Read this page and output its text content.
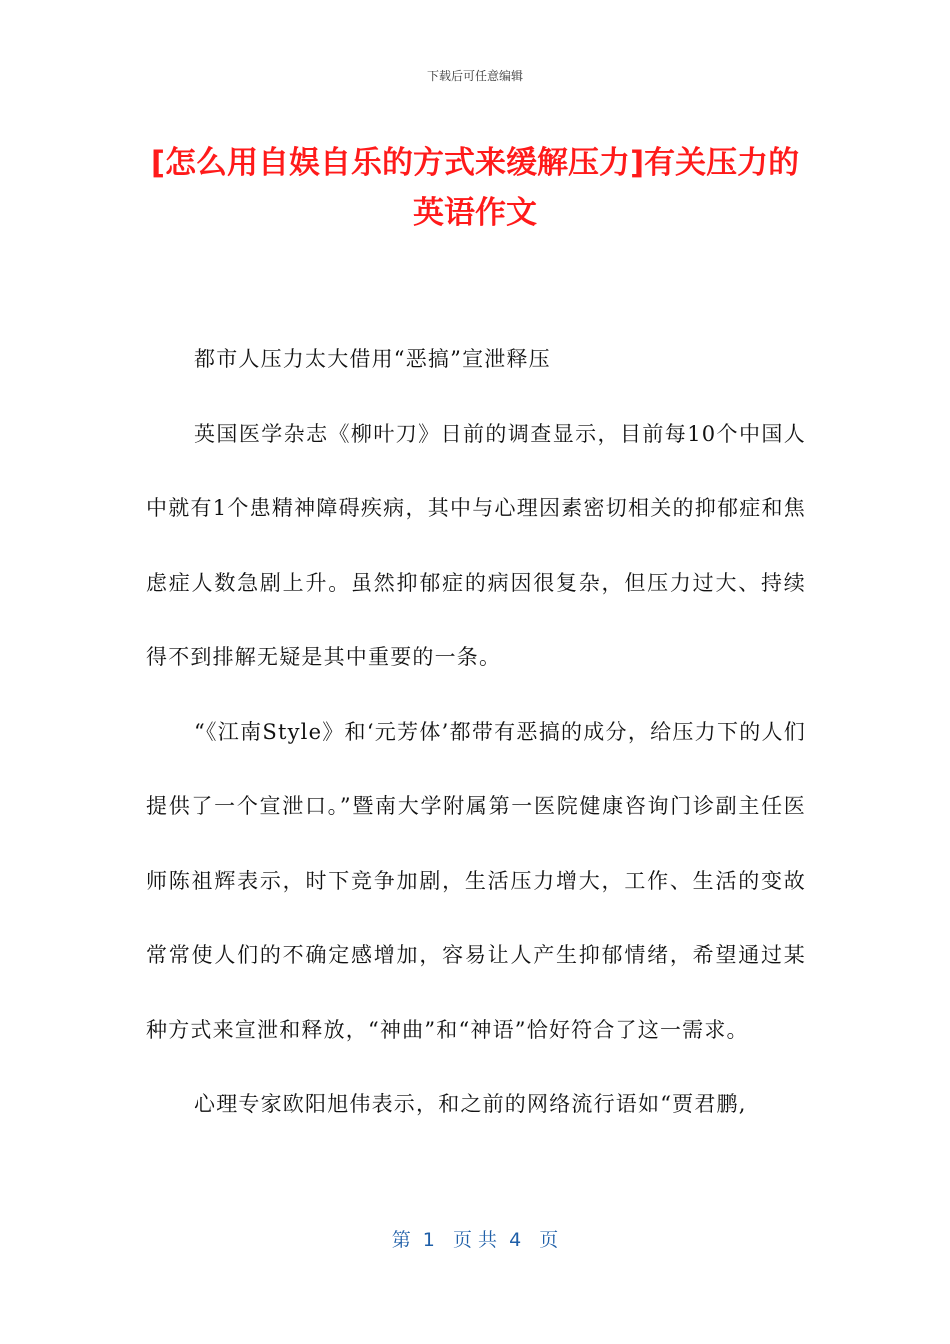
下载后可任意编辑
[怎么用自娱自乐的方式来缓解压力]有关压力的英语作文

都市人压力太大借用“恶搞”宣泄释压

英国医学杂志《柳叶刀》日前的调查显示，目前每10个中国人中就有1个患精神障碍疾病，其中与心理因素密切相关的抑郁症和焦虑症人数急剧上升。虽然抑郁症的病因很复杂，但压力过大、持续得不到排解无疑是其中重要的一条。

“《江南Style》和‘元芳体’都带有恶搞的成分，给压力下的人们提供了一个宣泄口。”暨南大学附属第一医院健康咨询门诊副主任医师陈祖辉表示，时下竞争加剧，生活压力增大，工作、生活的变故常常使人们的不确定感增加，容易让人产生抑郁情绪，希望通过某种方式来宣泄和释放，“神曲”和“神语”恰好符合了这一需求。

心理专家欧阳旭伟表示，和之前的网络流行语如“贾君鹏,

第  1   页 共  4   页
